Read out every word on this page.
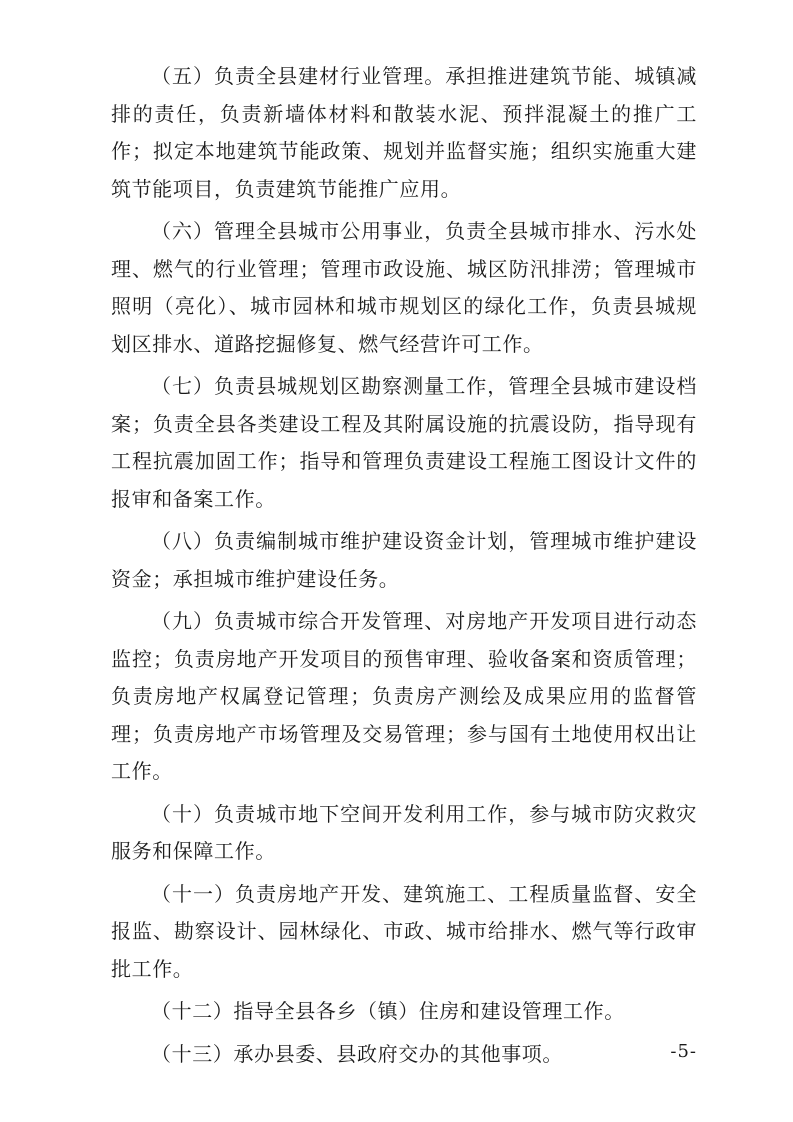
（五）负责全县建材行业管理。承担推进建筑节能、城镇减排的责任，负责新墙体材料和散装水泥、预拌混凝土的推广工作；拟定本地建筑节能政策、规划并监督实施；组织实施重大建筑节能项目，负责建筑节能推广应用。

（六）管理全县城市公用事业，负责全县城市排水、污水处理、燃气的行业管理；管理市政设施、城区防汛排涝；管理城市照明（亮化）、城市园林和城市规划区的绿化工作，负责县城规划区排水、道路挖掘修复、燃气经营许可工作。

（七）负责县城规划区勘察测量工作，管理全县城市建设档案；负责全县各类建设工程及其附属设施的抗震设防，指导现有工程抗震加固工作；指导和管理负责建设工程施工图设计文件的报审和备案工作。

（八）负责编制城市维护建设资金计划，管理城市维护建设资金；承担城市维护建设任务。

（九）负责城市综合开发管理、对房地产开发项目进行动态监控；负责房地产开发项目的预售审理、验收备案和资质管理；负责房地产权属登记管理；负责房产测绘及成果应用的监督管理；负责房地产市场管理及交易管理；参与国有土地使用权出让工作。

（十）负责城市地下空间开发利用工作，参与城市防灾救灾服务和保障工作。

（十一）负责房地产开发、建筑施工、工程质量监督、安全报监、勘察设计、园林绿化、市政、城市给排水、燃气等行政审批工作。

（十二）指导全县各乡（镇）住房和建设管理工作。

（十三）承办县委、县政府交办的其他事项。	-5-
